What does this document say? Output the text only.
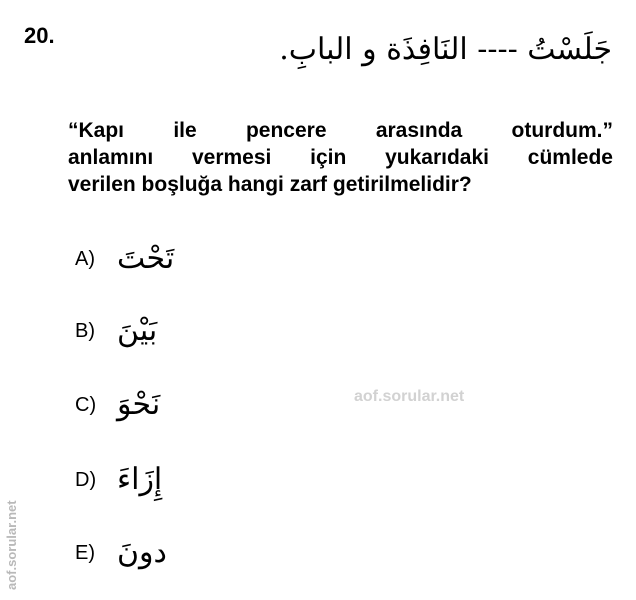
20.	جَلَسْتُ ---- النَافِذَة و البابِ.
“Kapı ile pencere arasında oturdum.”
anlamını vermesi için yukarıdaki cümlede
verilen boşluğa hangi zarf getirilmelidir?
A) تَحْتَ
B) بَيْنَ
C) نَحْوَ
D) إِزَاءَ
E) دونَ
aof.sorular.net
aof.sorular.net
